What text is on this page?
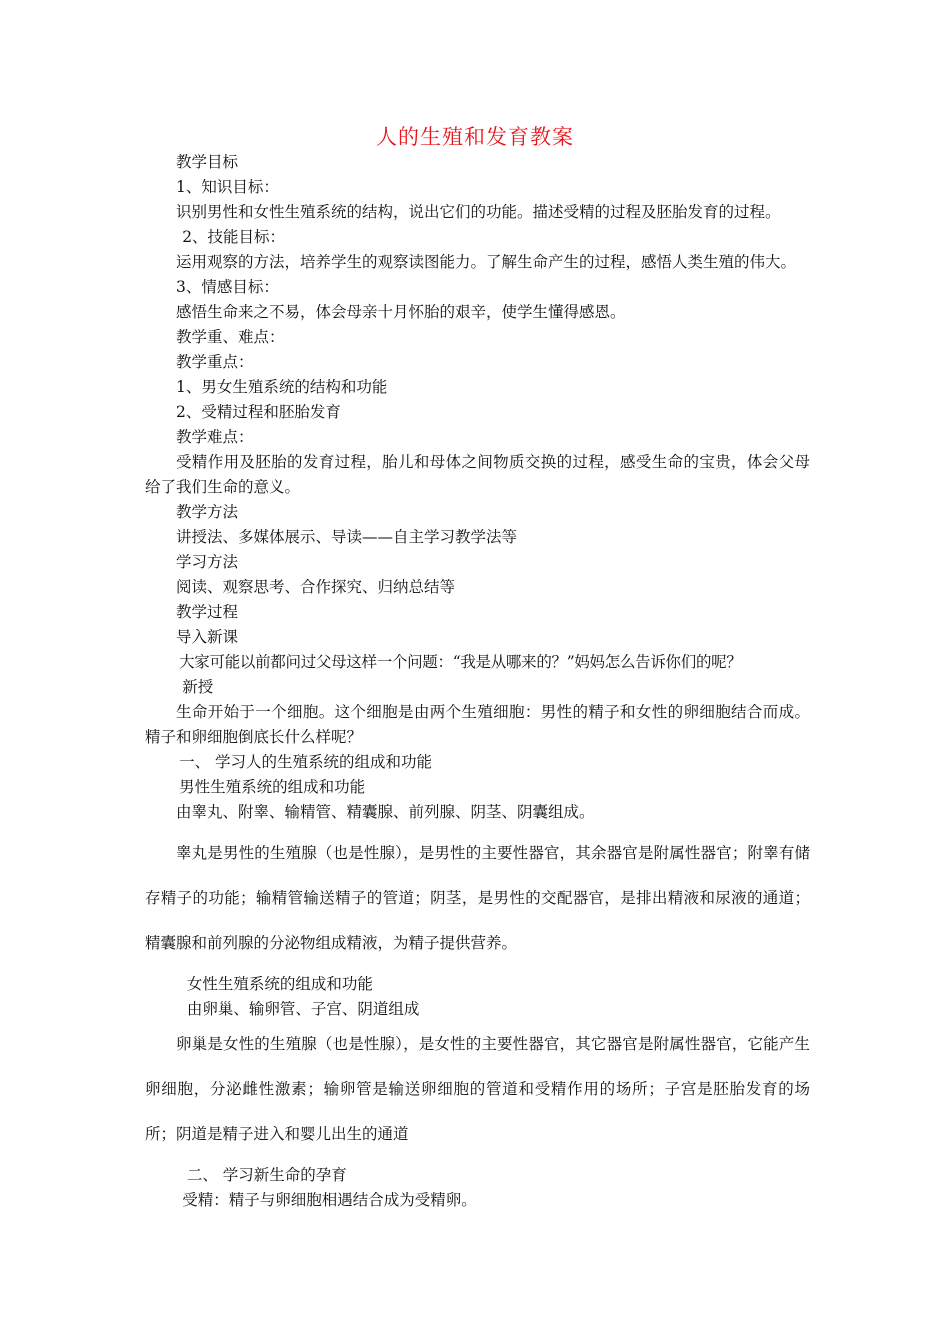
人的生殖和发育教案

教学目标

1、知识目标：

识别男性和女性生殖系统的结构，说出它们的功能。描述受精的过程及胚胎发育的过程。

2、技能目标：

运用观察的方法，培养学生的观察读图能力。了解生命产生的过程，感悟人类生殖的伟大。

3、情感目标：

感悟生命来之不易，体会母亲十月怀胎的艰辛，使学生懂得感恩。

教学重、难点：

教学重点：

1、男女生殖系统的结构和功能

2、受精过程和胚胎发育

教学难点：

受精作用及胚胎的发育过程，胎儿和母体之间物质交换的过程，感受生命的宝贵，体会父母给了我们生命的意义。

教学方法

讲授法、多媒体展示、导读——自主学习教学法等

学习方法

阅读、观察思考、合作探究、归纳总结等

教学过程

导入新课

大家可能以前都问过父母这样一个问题：“我是从哪来的？”妈妈怎么告诉你们的呢？

新授

生命开始于一个细胞。这个细胞是由两个生殖细胞：男性的精子和女性的卵细胞结合而成。精子和卵细胞倒底长什么样呢？

一、 学习人的生殖系统的组成和功能

男性生殖系统的组成和功能

由睾丸、附睾、输精管、精囊腺、前列腺、阴茎、阴囊组成。

睾丸是男性的生殖腺（也是性腺），是男性的主要性器官，其余器官是附属性器官；附睾有储存精子的功能；输精管输送精子的管道；阴茎，是男性的交配器官，是排出精液和尿液的通道；精囊腺和前列腺的分泌物组成精液，为精子提供营养。

女性生殖系统的组成和功能

由卵巢、输卵管、子宫、阴道组成

卵巢是女性的生殖腺（也是性腺），是女性的主要性器官，其它器官是附属性器官，它能产生卵细胞，分泌雌性激素；输卵管是输送卵细胞的管道和受精作用的场所；子宫是胚胎发育的场所；阴道是精子进入和婴儿出生的通道

二、 学习新生命的孕育

受精：精子与卵细胞相遇结合成为受精卵。
